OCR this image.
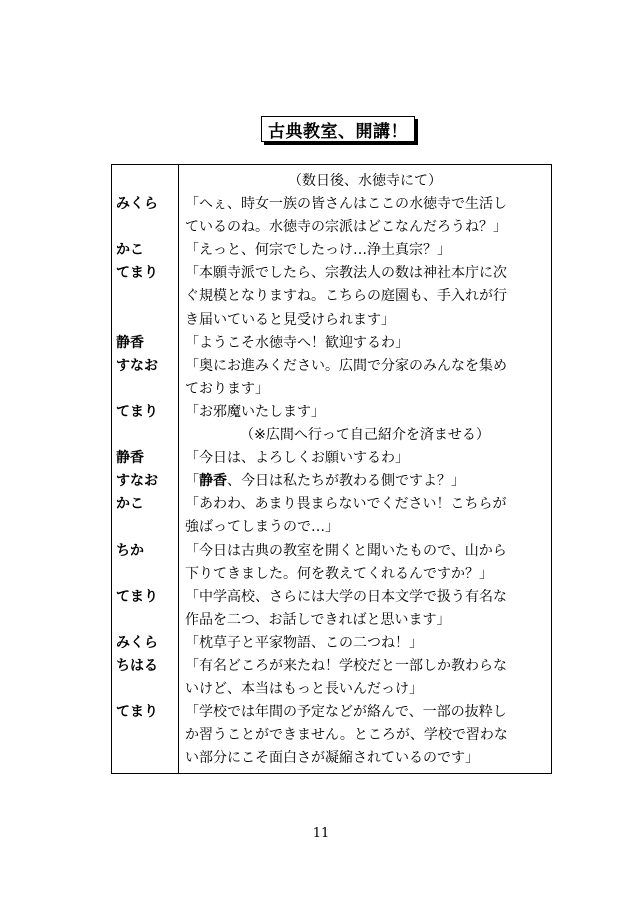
古典教室、開講！
（数日後、水徳寺にて）
みくら	「へぇ、時女一族の皆さんはここの水徳寺で生活し
ているのね。水徳寺の宗派はどこなんだろうね？」
かこ	「えっと、何宗でしたっけ…浄土真宗？」
てまり	「本願寺派でしたら、宗教法人の数は神社本庁に次
ぐ規模となりますね。こちらの庭園も、手入れが行
き届いていると見受けられます」
静香	「ようこそ水徳寺へ！歓迎するわ」
すなお	「奥にお進みください。広間で分家のみんなを集め
ております」
てまり	「お邪魔いたします」
（※広間へ行って自己紹介を済ませる）
静香	「今日は、よろしくお願いするわ」
すなお	「静香、今日は私たちが教わる側ですよ？」
かこ	「あわわ、あまり畏まらないでください！こちらが
強ばってしまうので…」
ちか	「今日は古典の教室を開くと聞いたもので、山から
下りてきました。何を教えてくれるんですか？」
てまり	「中学高校、さらには大学の日本文学で扱う有名な
作品を二つ、お話しできればと思います」
みくら	「枕草子と平家物語、この二つね！」
ちはる	「有名どころが来たね！学校だと一部しか教わらな
いけど、本当はもっと長いんだっけ」
てまり	「学校では年間の予定などが絡んで、一部の抜粋し
か習うことができません。ところが、学校で習わな
い部分にこそ面白さが凝縮されているのです」
11
